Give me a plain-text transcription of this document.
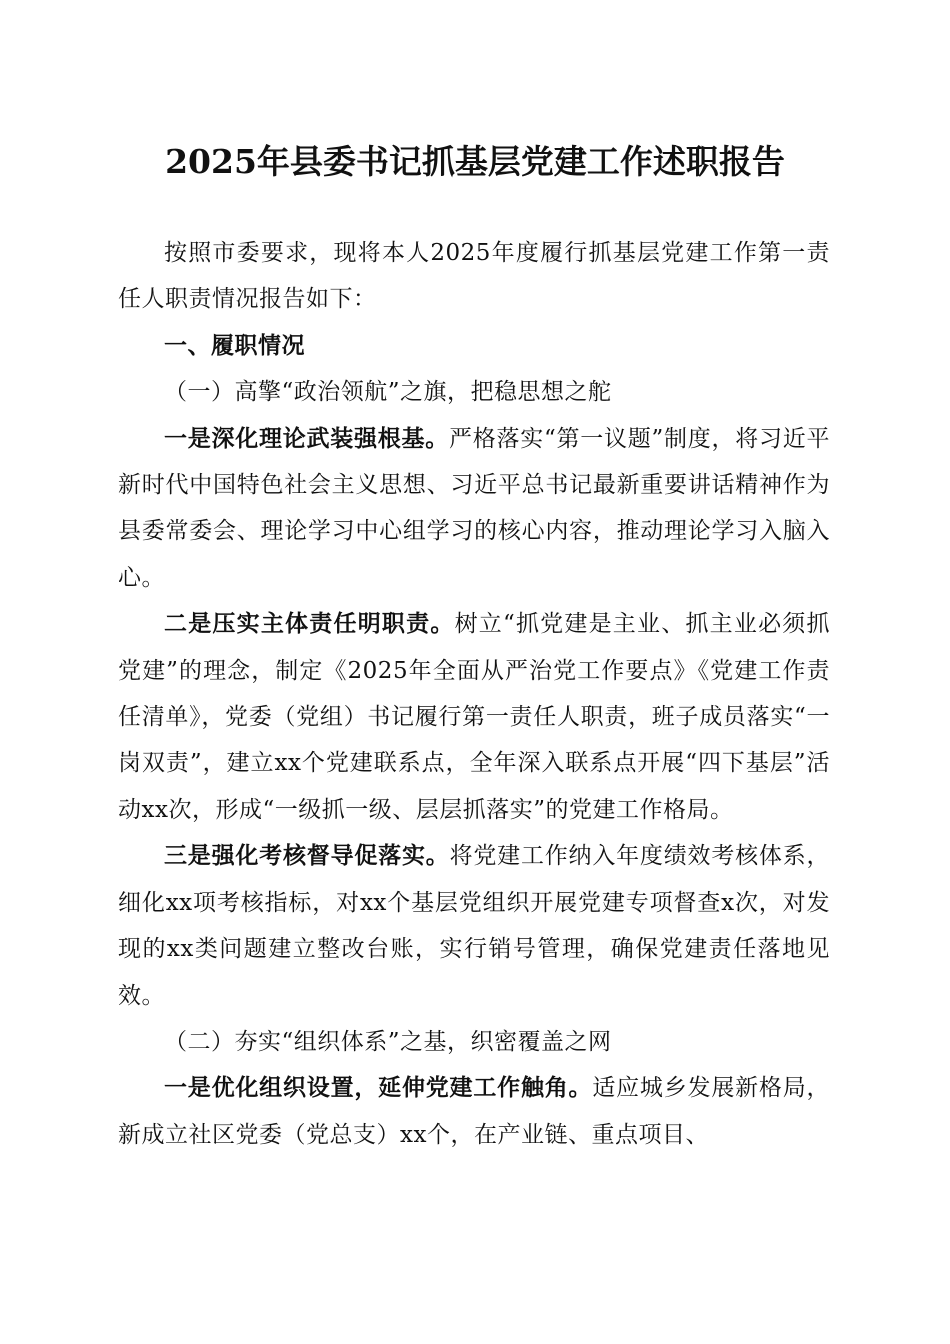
2025年县委书记抓基层党建工作述职报告

按照市委要求，现将本人2025年度履行抓基层党建工作第一责任人职责情况报告如下：

一、履职情况

（一）高擎“政治领航”之旗，把稳思想之舵

一是深化理论武装强根基。严格落实“第一议题”制度，将习近平新时代中国特色社会主义思想、习近平总书记最新重要讲话精神作为县委常委会、理论学习中心组学习的核心内容，推动理论学习入脑入心。

二是压实主体责任明职责。树立“抓党建是主业、抓主业必须抓党建”的理念，制定《2025年全面从严治党工作要点》《党建工作责任清单》，党委（党组）书记履行第一责任人职责，班子成员落实“一岗双责”，建立xx个党建联系点，全年深入联系点开展“四下基层”活动xx次，形成“一级抓一级、层层抓落实”的党建工作格局。

三是强化考核督导促落实。将党建工作纳入年度绩效考核体系，细化xx项考核指标，对xx个基层党组织开展党建专项督查x次，对发现的xx类问题建立整改台账，实行销号管理，确保党建责任落地见效。

（二）夯实“组织体系”之基，织密覆盖之网

一是优化组织设置，延伸党建工作触角。适应城乡发展新格局，新成立社区党委（党总支）xx个，在产业链、重点项目、
